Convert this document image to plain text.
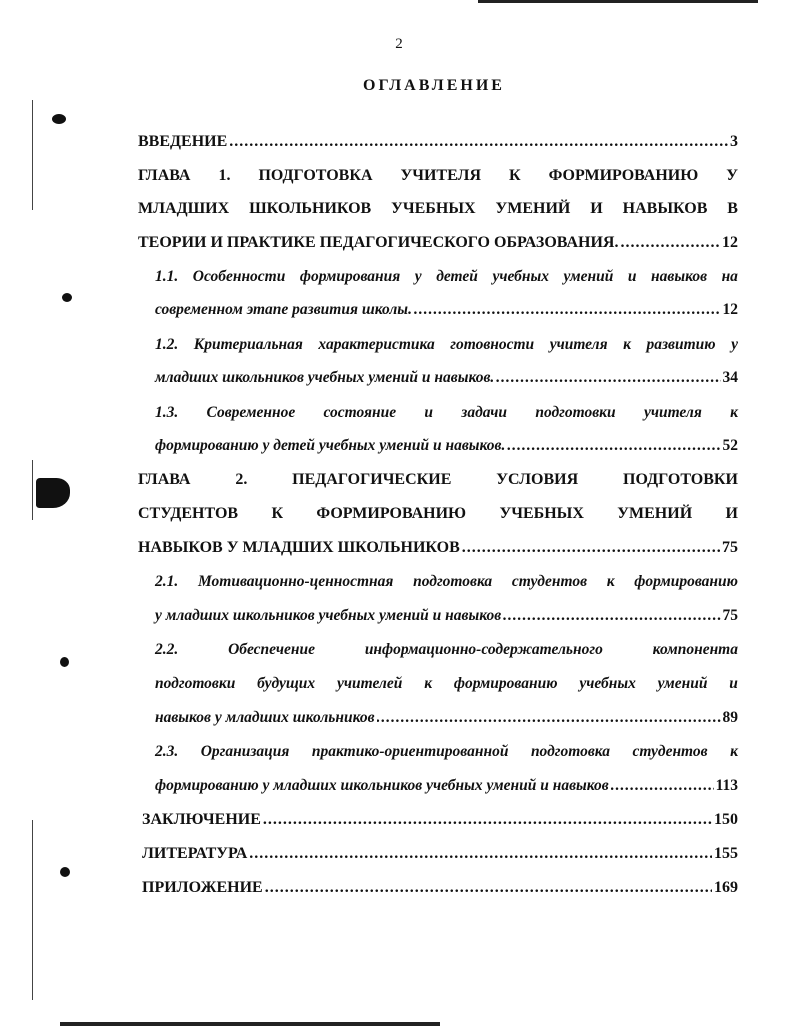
2
ОГЛАВЛЕНИЕ
ВВЕДЕНИЕ .....	3
ГЛАВА 1. ПОДГОТОВКА УЧИТЕЛЯ К ФОРМИРОВАНИЮ У
МЛАДШИХ ШКОЛЬНИКОВ УЧЕБНЫХ УМЕНИЙ И НАВЫКОВ В
ТЕОРИИ И ПРАКТИКЕ ПЕДАГОГИЧЕСКОГО ОБРАЗОВАНИЯ. .....	12
1.1. Особенности формирования у детей учебных умений и навыков на
современном этапе развития школы. .....	12
1.2. Критериальная характеристика готовности учителя к развитию у
младших школьников учебных умений и навыков. .....	34
1.3. Современное состояние и задачи подготовки учителя к
формированию у детей учебных умений и навыков. .....	52
ГЛАВА	2.	ПЕДАГОГИЧЕСКИЕ	УСЛОВИЯ	ПОДГОТОВКИ
СТУДЕНТОВ К ФОРМИРОВАНИЮ УЧЕБНЫХ УМЕНИЙ И
НАВЫКОВ У МЛАДШИХ ШКОЛЬНИКОВ .....	75
2.1. Мотивационно-ценностная подготовка студентов к формированию
у младших школьников учебных умений и навыков .....	75
2.2.	Обеспечение	информационно-содержательного	компонента
подготовки будущих учителей к формированию учебных умений и
навыков у младших школьников .....	89
2.3. Организация практико-ориентированной подготовка студентов к
формированию у младших школьников учебных умений и навыков .....	113
ЗАКЛЮЧЕНИЕ .....	150
ЛИТЕРАТУРА .....	155
ПРИЛОЖЕНИЕ .....	169
